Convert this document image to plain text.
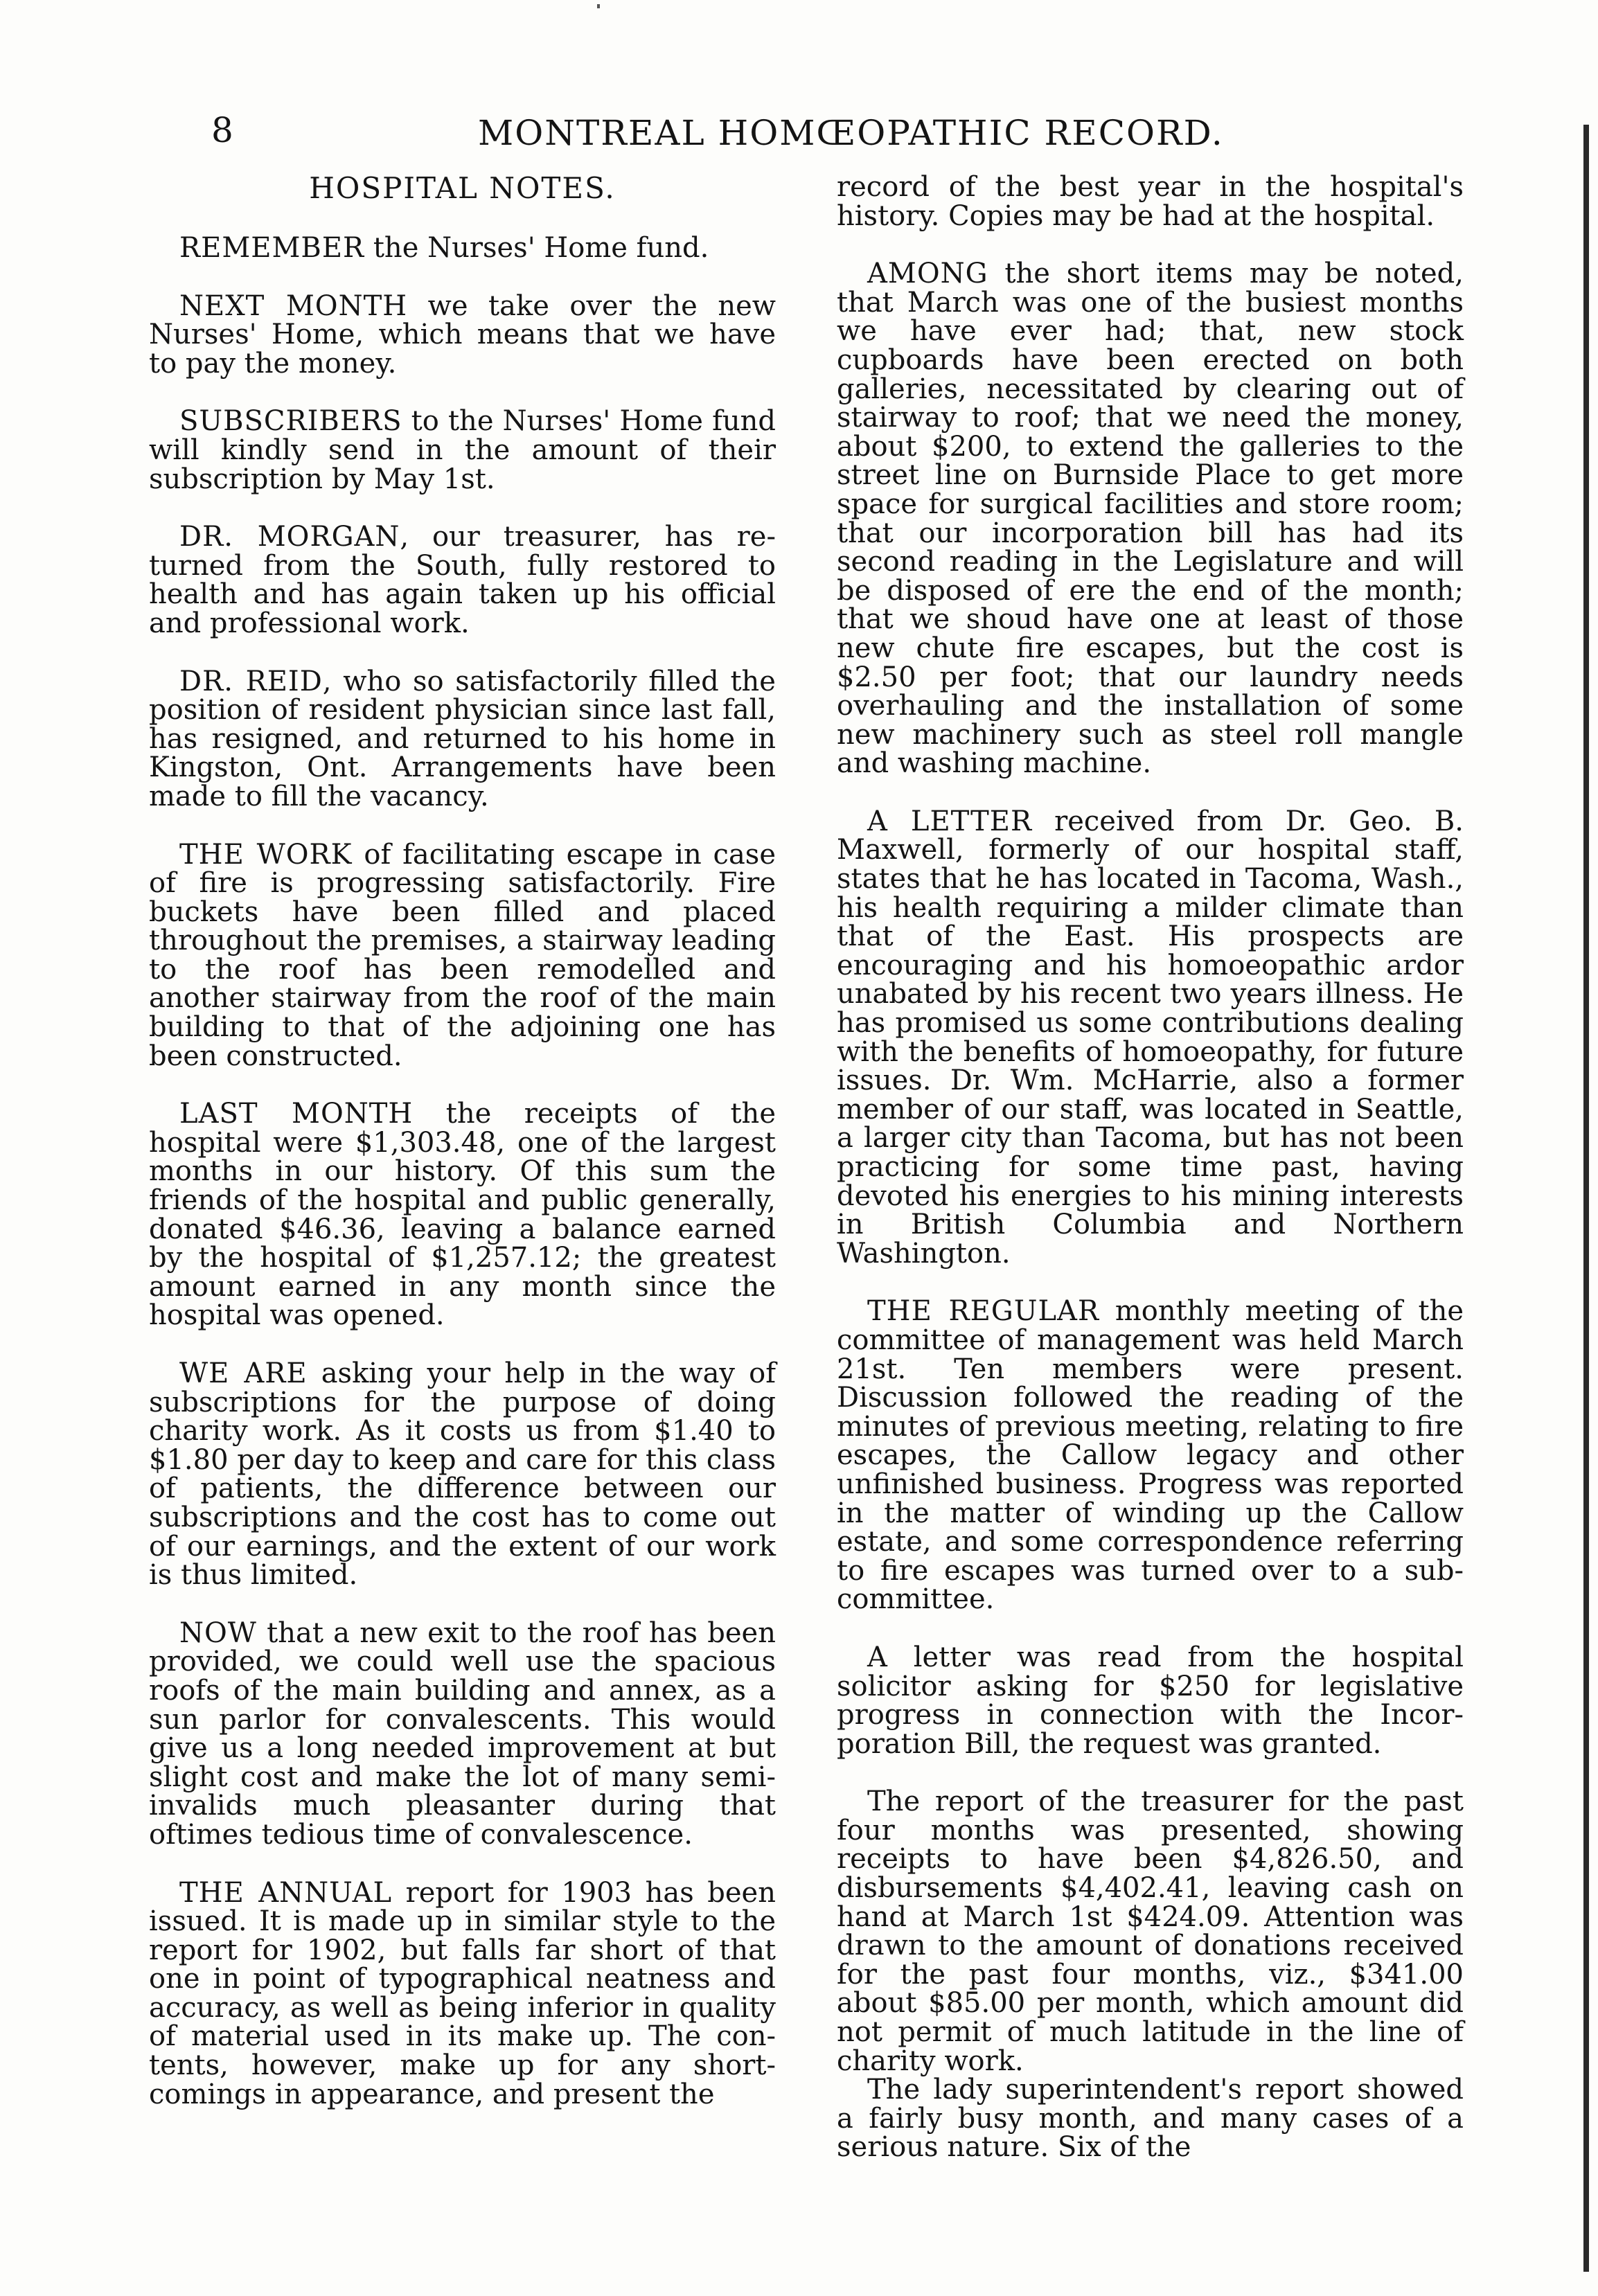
8	MONTREAL HOMŒOPATHIC RECORD.
HOSPITAL NOTES.

REMEMBER the Nurses' Home fund.

NEXT MONTH we take over the new Nurses' Home, which means that we have to pay the money.

SUBSCRIBERS to the Nurses' Home fund will kindly send in the amount of their subscription by May 1st.

DR. MORGAN, our treasurer, has returned from the South, fully restored to health and has again taken up his official and professional work.

DR. REID, who so satisfactorily filled the position of resident physician since last fall, has resigned, and returned to his home in Kingston, Ont. Arrangements have been made to fill the vacancy.

THE WORK of facilitating escape in case of fire is progressing satisfactorily. Fire buckets have been filled and placed throughout the premises, a stairway leading to the roof has been remodelled and another stairway from the roof of the main building to that of the adjoining one has been constructed.

LAST MONTH the receipts of the hospital were $1,303.48, one of the largest months in our history. Of this sum the friends of the hospital and public generally, donated $46.36, leaving a balance earned by the hospital of $1,257.12; the greatest amount earned in any month since the hospital was opened.

WE ARE asking your help in the way of subscriptions for the purpose of doing charity work. As it costs us from $1.40 to $1.80 per day to keep and care for this class of patients, the difference between our subscriptions and the cost has to come out of our earnings, and the extent of our work is thus limited.

NOW that a new exit to the roof has been provided, we could well use the spacious roofs of the main building and annex, as a sun parlor for convalescents. This would give us a long needed improvement at but slight cost and make the lot of many semi-invalids much pleasanter during that oftimes tedious time of convalescence.

THE ANNUAL report for 1903 has been issued. It is made up in similar style to the report for 1902, but falls far short of that one in point of typographical neatness and accuracy, as well as being inferior in quality of material used in its make up. The contents, however, make up for any shortcomings in appearance, and present the

record of the best year in the hospital's history. Copies may be had at the hospital.

AMONG the short items may be noted, that March was one of the busiest months we have ever had; that, new stock cupboards have been erected on both galleries, necessitated by clearing out of stairway to roof; that we need the money, about $200, to extend the galleries to the street line on Burnside Place to get more space for surgical facilities and store room; that our incorporation bill has had its second reading in the Legislature and will be disposed of ere the end of the month; that we shoud have one at least of those new chute fire escapes, but the cost is $2.50 per foot; that our laundry needs overhauling and the installation of some new machinery such as steel roll mangle and washing machine.

A LETTER received from Dr. Geo. B. Maxwell, formerly of our hospital staff, states that he has located in Tacoma, Wash., his health requiring a milder climate than that of the East. His prospects are encouraging and his homoeopathic ardor unabated by his recent two years illness. He has promised us some contributions dealing with the benefits of homoeopathy, for future issues. Dr. Wm. McHarrie, also a former member of our staff, was located in Seattle, a larger city than Tacoma, but has not been practicing for some time past, having devoted his energies to his mining interests in British Columbia and Northern Washington.

THE REGULAR monthly meeting of the committee of management was held March 21st. Ten members were present. Discussion followed the reading of the minutes of previous meeting, relating to fire escapes, the Callow legacy and other unfinished business. Progress was reported in the matter of winding up the Callow estate, and some correspondence referring to fire escapes was turned over to a sub-committee.

A letter was read from the hospital solicitor asking for $250 for legislative progress in connection with the Incorporation Bill, the request was granted.

The report of the treasurer for the past four months was presented, showing receipts to have been $4,826.50, and disbursements $4,402.41, leaving cash on hand at March 1st $424.09. Attention was drawn to the amount of donations received for the past four months, viz., $341.00 about $85.00 per month, which amount did not permit of much latitude in the line of charity work.

The lady superintendent's report showed a fairly busy month, and many cases of a serious nature. Six of the
